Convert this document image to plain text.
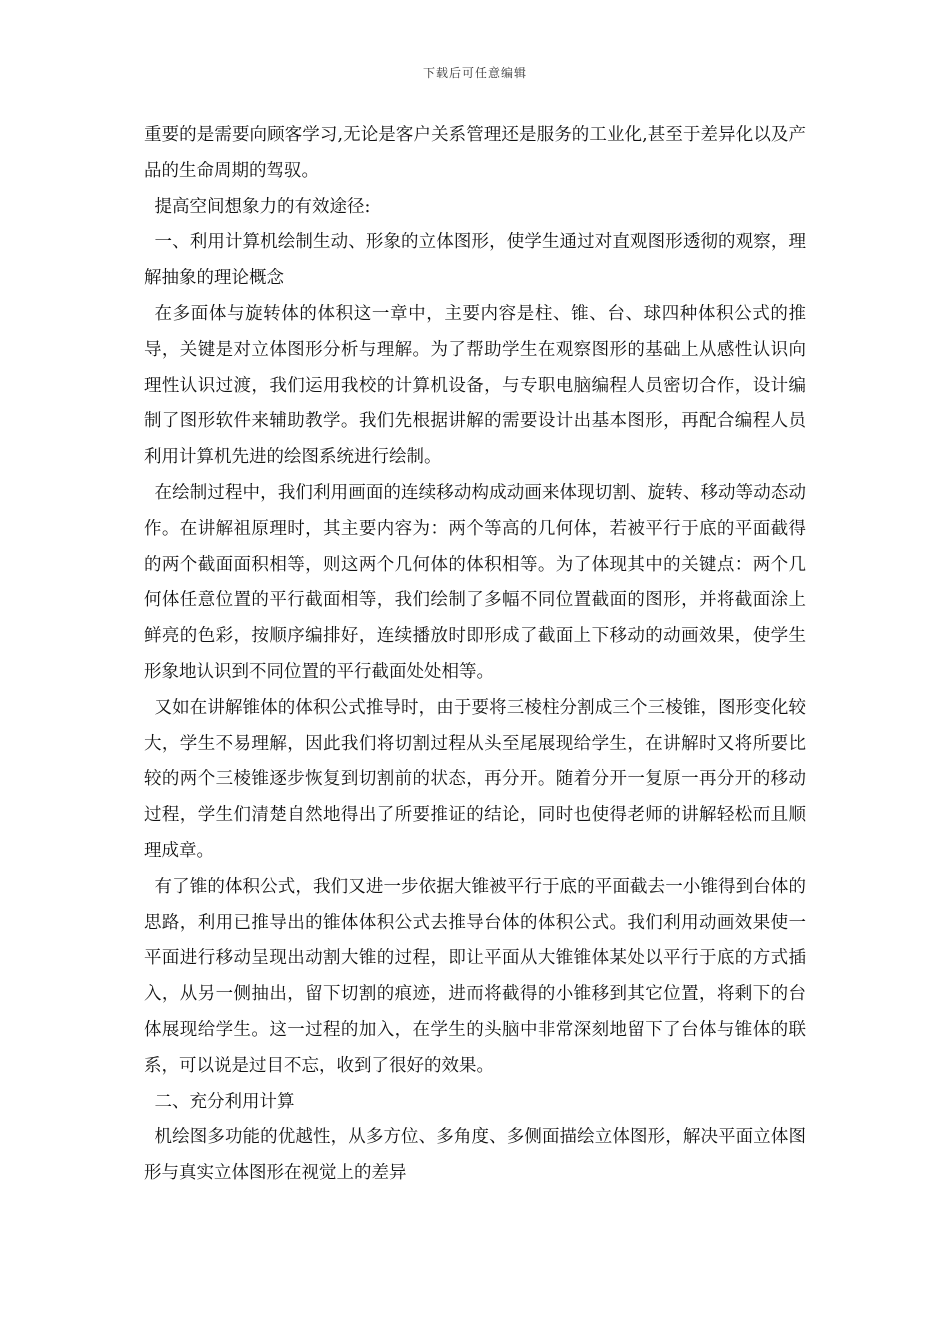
下载后可任意编辑

重要的是需要向顾客学习,无论是客户关系管理还是服务的工业化,甚至于差异化以及产品的生命周期的驾驭。

提高空间想象力的有效途径:

一、利用计算机绘制生动、形象的立体图形，使学生通过对直观图形透彻的观察，理解抽象的理论概念

在多面体与旋转体的体积这一章中，主要内容是柱、锥、台、球四种体积公式的推导，关键是对立体图形分析与理解。为了帮助学生在观察图形的基础上从感性认识向理性认识过渡，我们运用我校的计算机设备，与专职电脑编程人员密切合作，设计编制了图形软件来辅助教学。我们先根据讲解的需要设计出基本图形，再配合编程人员利用计算机先进的绘图系统进行绘制。

在绘制过程中，我们利用画面的连续移动构成动画来体现切割、旋转、移动等动态动作。在讲解祖原理时，其主要内容为：两个等高的几何体，若被平行于底的平面截得的两个截面面积相等，则这两个几何体的体积相等。为了体现其中的关键点：两个几何体任意位置的平行截面相等，我们绘制了多幅不同位置截面的图形，并将截面涂上鲜亮的色彩，按顺序编排好，连续播放时即形成了截面上下移动的动画效果，使学生形象地认识到不同位置的平行截面处处相等。

又如在讲解锥体的体积公式推导时，由于要将三棱柱分割成三个三棱锥，图形变化较大，学生不易理解，因此我们将切割过程从头至尾展现给学生，在讲解时又将所要比较的两个三棱锥逐步恢复到切割前的状态，再分开。随着分开一复原一再分开的移动过程，学生们清楚自然地得出了所要推证的结论，同时也使得老师的讲解轻松而且顺理成章。

有了锥的体积公式，我们又进一步依据大锥被平行于底的平面截去一小锥得到台体的思路，利用已推导出的锥体体积公式去推导台体的体积公式。我们利用动画效果使一平面进行移动呈现出动割大锥的过程，即让平面从大锥锥体某处以平行于底的方式插入，从另一侧抽出，留下切割的痕迹，进而将截得的小锥移到其它位置，将剩下的台体展现给学生。这一过程的加入，在学生的头脑中非常深刻地留下了台体与锥体的联系，可以说是过目不忘，收到了很好的效果。

二、充分利用计算

机绘图多功能的优越性，从多方位、多角度、多侧面描绘立体图形，解决平面立体图形与真实立体图形在视觉上的差异
